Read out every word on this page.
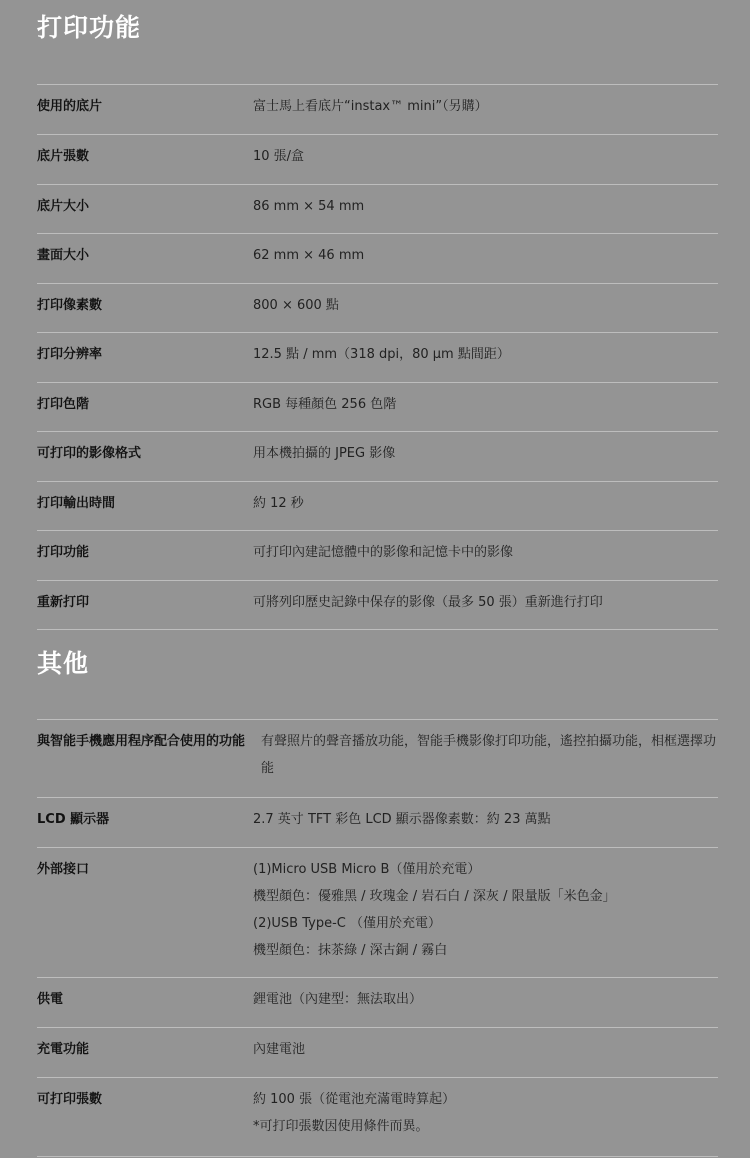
打印功能
使用的底片	富士馬上看底片“instax™ mini”（另購）
底片張數	10 張/盒
底片大小	86 mm × 54 mm
畫面大小	62 mm × 46 mm
打印像素數	800 × 600 點
打印分辨率	12.5 點 / mm（318 dpi，80 µm 點間距）
打印色階	RGB 每種顏色 256 色階
可打印的影像格式	用本機拍攝的 JPEG 影像
打印輸出時間	約 12 秒
打印功能	可打印內建記憶體中的影像和記憶卡中的影像
重新打印	可將列印歷史記錄中保存的影像（最多 50 張）重新進行打印
其他
與智能手機應用程序配合使用的功能	有聲照片的聲音播放功能，智能手機影像打印功能，遙控拍攝功能，相框選擇功能
LCD 顯示器	2.7 英寸 TFT 彩色 LCD 顯示器像素數：約 23 萬點
外部接口	(1)Micro USB Micro B（僅用於充電）
機型顏色：優雅黑 / 玫瑰金 / 岩石白 / 深灰 / 限量版「米色金」
(2)USB Type-C （僅用於充電）
機型顏色：抹茶綠 / 深古銅 / 霧白
供電	鋰電池（內建型：無法取出）
充電功能	內建電池
可打印張數	約 100 張（從電池充滿電時算起）
*可打印張數因使用條件而異。
